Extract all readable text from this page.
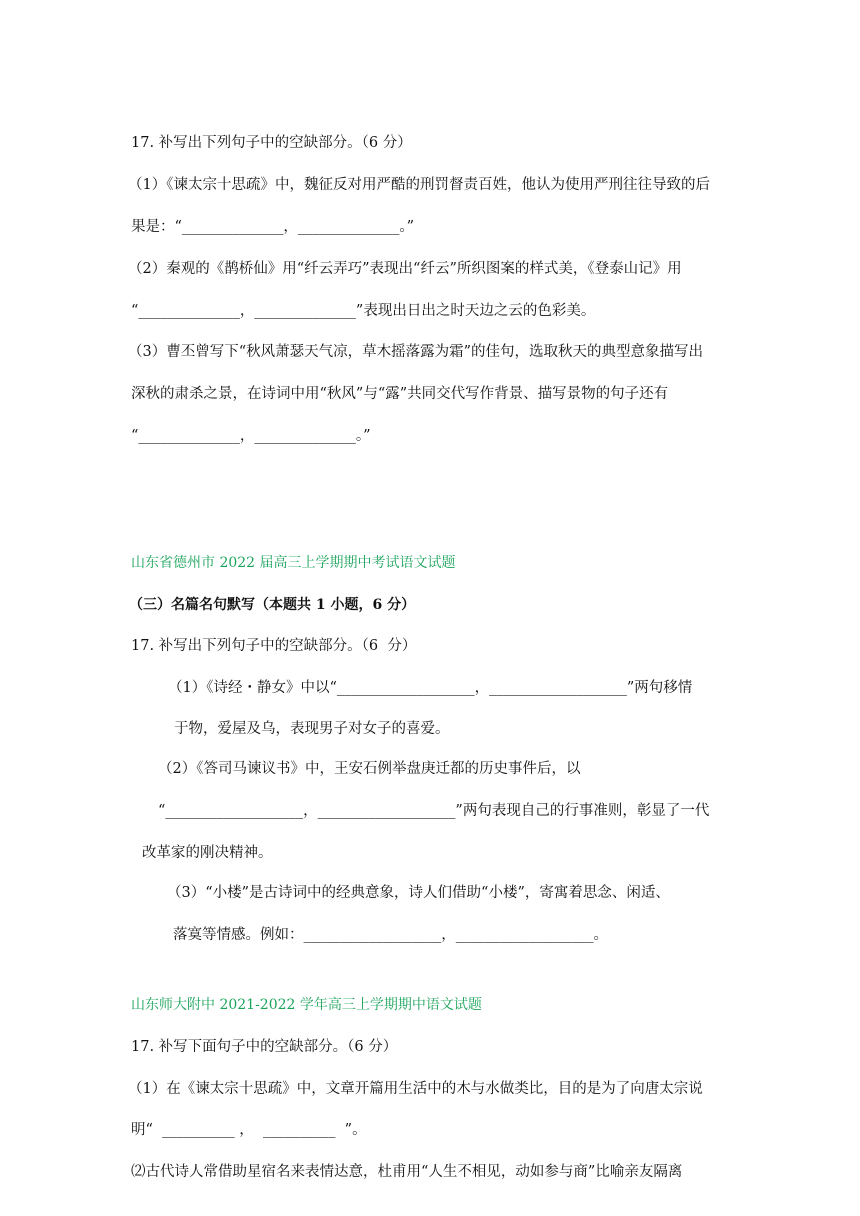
17. 补写出下列句子中的空缺部分。（6 分）
（1）《谏太宗十思疏》中，魏征反对用严酷的刑罚督责百姓，他认为使用严刑往往导致的后
果是：“______________，______________。”
（2）秦观的《鹊桥仙》用“纤云弄巧”表现出“纤云”所织图案的样式美，《登泰山记》用
“______________，______________”表现出日出之时天边之云的色彩美。
（3）曹丕曾写下“秋风萧瑟天气凉，草木摇落露为霜”的佳句，选取秋天的典型意象描写出
深秋的肃杀之景，在诗词中用“秋风”与“露”共同交代写作背景、描写景物的句子还有
“______________，______________。”
山东省德州市 2022 届高三上学期期中考试语文试题
（三）名篇名句默写（本题共 1 小题，6 分）
17. 补写出下列句子中的空缺部分。（6  分）
（1）《诗经・静女》中以“___________________，___________________”两句移情
于物，爱屋及乌，表现男子对女子的喜爱。
（2）《答司马谏议书》中，王安石例举盘庚迁都的历史事件后，以
“___________________，___________________”两句表现自己的行事准则，彰显了一代
改革家的刚决精神。
（3）“小楼”是古诗词中的经典意象，诗人们借助“小楼”，寄寓着思念、闲适、
落寞等情感。例如：___________________，___________________。
山东师大附中 2021-2022 学年高三上学期期中语文试题
17. 补写下面句子中的空缺部分。（6 分）
（1）在《谏太宗十思疏》中，文章开篇用生活中的木与水做类比，目的是为了向唐太宗说
明“  __________ ，  __________  ”。
⑵古代诗人常借助星宿名来表情达意，杜甫用“人生不相见，动如参与商”比喻亲友隔离
